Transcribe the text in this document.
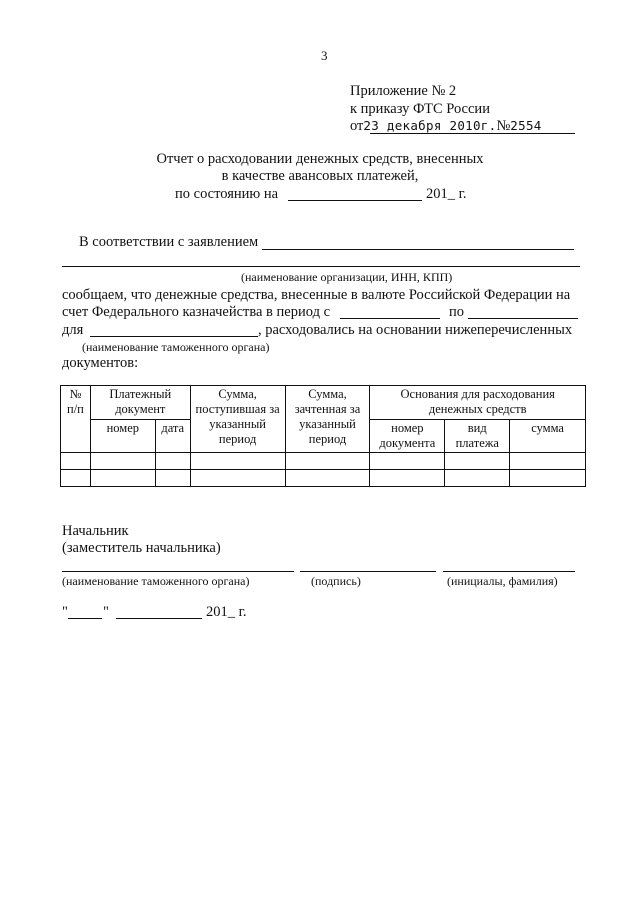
3
Приложение № 2
к приказу ФТС России
от23 декабря 2010г.№2554
Отчет о расходовании денежных средств, внесенных
в качестве авансовых платежей,
по состоянию на	201_ г.
В соответствии с заявлением
(наименование организации, ИНН, КПП)
сообщаем, что денежные средства, внесенные в валюте Российской Федерации на
счет Федерального казначейства в период с	по
для	, расходовались на основании нижеперечисленных
(наименование таможенного органа)
документов:
№ п/п	Платежный документ		Сумма, поступившая за указанный период	Сумма, зачтенная за указанный период	Основания для расходования денежных средств		
	номер	дата			номер документа	вид платежа	сумма

Начальник
(заместитель начальника)
(наименование таможенного органа)	(подпись)	(инициалы, фамилия)
" "	201_ г.
